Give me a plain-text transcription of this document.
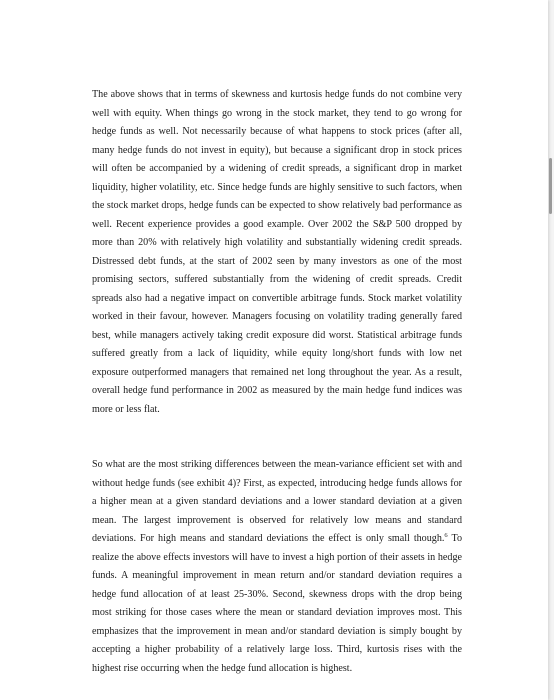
The above shows that in terms of skewness and kurtosis hedge funds do not combine very well with equity. When things go wrong in the stock market, they tend to go wrong for hedge funds as well. Not necessarily because of what happens to stock prices (after all, many hedge funds do not invest in equity), but because a significant drop in stock prices will often be accompanied by a widening of credit spreads, a significant drop in market liquidity, higher volatility, etc. Since hedge funds are highly sensitive to such factors, when the stock market drops, hedge funds can be expected to show relatively bad performance as well. Recent experience provides a good example. Over 2002 the S&P 500 dropped by more than 20% with relatively high volatility and substantially widening credit spreads. Distressed debt funds, at the start of 2002 seen by many investors as one of the most promising sectors, suffered substantially from the widening of credit spreads. Credit spreads also had a negative impact on convertible arbitrage funds. Stock market volatility worked in their favour, however. Managers focusing on volatility trading generally fared best, while managers actively taking credit exposure did worst. Statistical arbitrage funds suffered greatly from a lack of liquidity, while equity long/short funds with low net exposure outperformed managers that remained net long throughout the year. As a result, overall hedge fund performance in 2002 as measured by the main hedge fund indices was more or less flat.

So what are the most striking differences between the mean-variance efficient set with and without hedge funds (see exhibit 4)? First, as expected, introducing hedge funds allows for a higher mean at a given standard deviations and a lower standard deviation at a given mean. The largest improvement is observed for relatively low means and standard deviations. For high means and standard deviations the effect is only small though.$^6$ To realize the above effects investors will have to invest a high portion of their assets in hedge funds. A meaningful improvement in mean return and/or standard deviation requires a hedge fund allocation of at least 25-30%. Second, skewness drops with the drop being most striking for those cases where the mean or standard deviation improves most. This emphasizes that the improvement in mean and/or standard deviation is simply bought by accepting a higher probability of a relatively large loss. Third, kurtosis rises with the highest rise occurring when the hedge fund allocation is highest.
